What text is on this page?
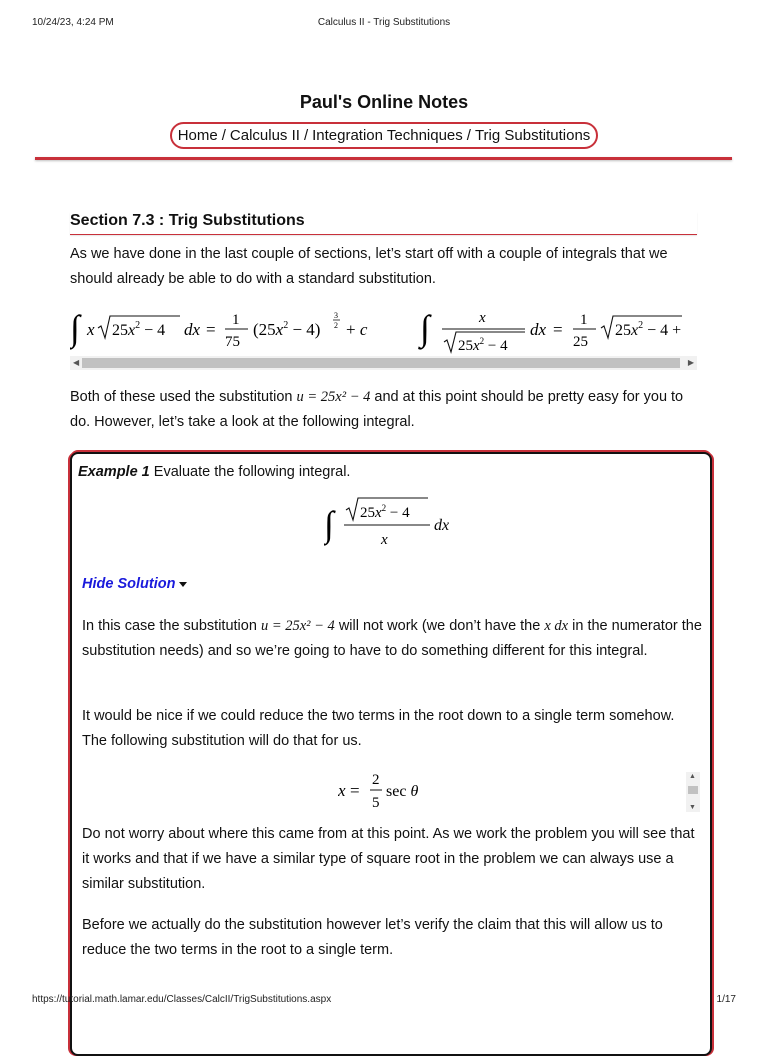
10/24/23, 4:24 PM	Calculus II - Trig Substitutions
Paul's Online Notes
Home / Calculus II / Integration Techniques / Trig Substitutions
Section 7.3 : Trig Substitutions
As we have done in the last couple of sections, let’s start off with a couple of integrals that we should already be able to do with a standard substitution.
∫ x $25x^2 - 4$ dx = 1
75
$(25x^2 - 4)$
3
2 + c ∫	x
$25x^2 - 4$
dx = 1
25
$25x^2 - 4$ +
◀	▶
Both of these used the substitution u = 25x² − 4 and at this point should be pretty easy for you to do. However, let’s take a look at the following integral.
Example 1 Evaluate the following integral.
∫ $25x^2 - 4$
x
dx
Hide Solution
In this case the substitution u = 25x² − 4 will not work (we don’t have the x dx in the numerator the substitution needs) and so we’re going to have to do something different for this integral.
It would be nice if we could reduce the two terms in the root down to a single term somehow. The following substitution will do that for us.
x =
2
5
sec θ
▲
▼
Do not worry about where this came from at this point. As we work the problem you will see that it works and that if we have a similar type of square root in the problem we can always use a similar substitution.
Before we actually do the substitution however let’s verify the claim that this will allow us to reduce the two terms in the root to a single term.
https://tutorial.math.lamar.edu/Classes/CalcII/TrigSubstitutions.aspx	1/17
